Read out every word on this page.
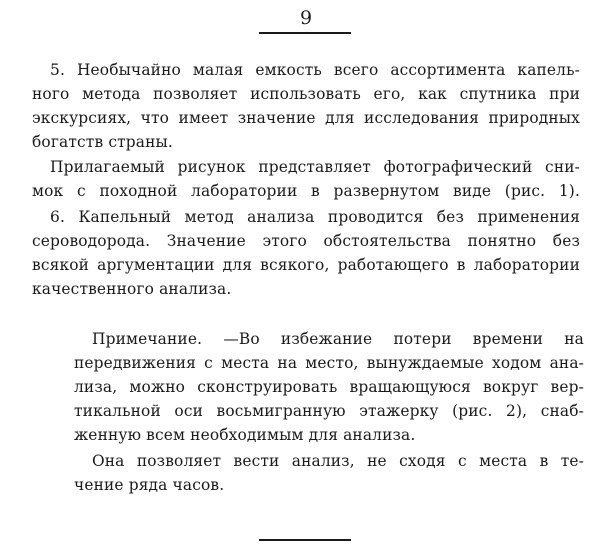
9
5. Необычайно малая емкость всего ассортимента капель-
ного метода позволяет использовать его, как спутника при
экскурсиях, что имеет значение для исследования природных
богатств страны.
Прилагаемый рисунок представляет фотографический сни-
мок с походной лаборатории в развернутом виде (рис. 1).
6. Капельный метод анализа проводится без применения
сероводорода. Значение этого обстоятельства понятно без
всякой аргументации для всякого, работающего в лаборатории
качественного анализа.
Примечание. —Во избежание потери времени на
передвижения с места на место, вынуждаемые ходом ана-
лиза, можно сконструировать вращающуюся вокруг вер-
тикальной оси восьмигранную этажерку (рис. 2), снаб-
женную всем необходимым для анализа.
Она позволяет вести анализ, не сходя с места в те-
чение ряда часов.
